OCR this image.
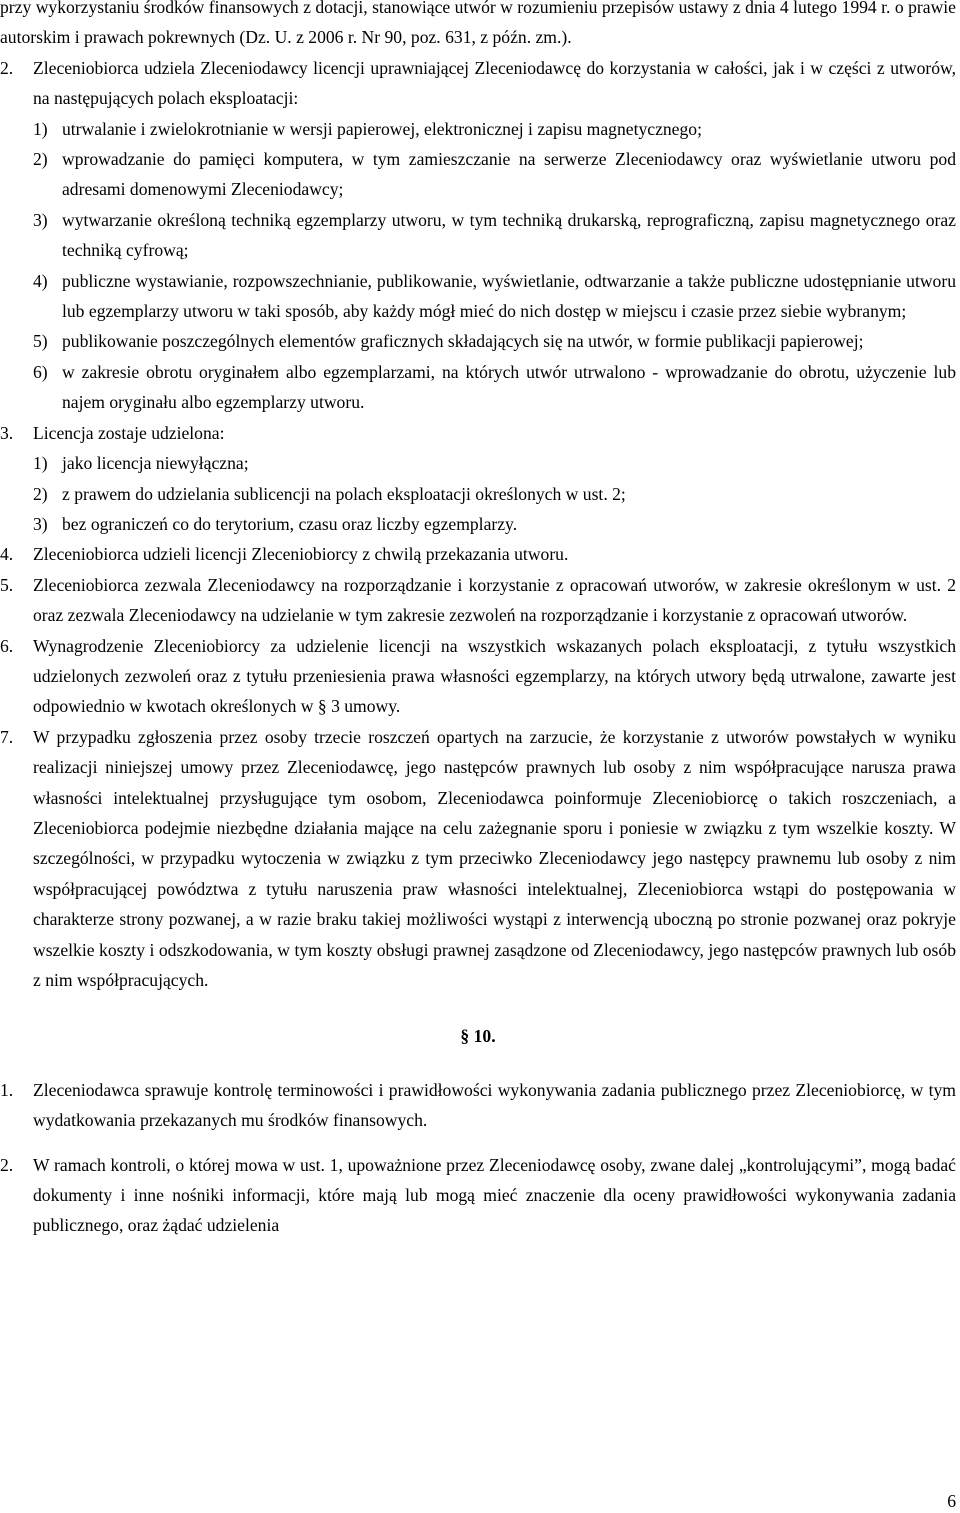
przy wykorzystaniu środków finansowych z dotacji, stanowiące utwór w rozumieniu przepisów ustawy z dnia 4 lutego 1994 r. o prawie autorskim i prawach pokrewnych (Dz. U. z 2006 r. Nr 90, poz. 631, z późn. zm.).

2.	Zleceniobiorca udziela Zleceniodawcy licencji uprawniającej Zleceniodawcę do korzystania w całości, jak i w części z utworów, na następujących polach eksploatacji:
1) utrwalanie i zwielokrotnianie w wersji papierowej, elektronicznej i zapisu magnetycznego;
2) wprowadzanie do pamięci komputera, w tym zamieszczanie na serwerze Zleceniodawcy oraz wyświetlanie utworu pod adresami domenowymi Zleceniodawcy;
3) wytwarzanie określoną techniką egzemplarzy utworu, w tym techniką drukarską, reprograficzną, zapisu magnetycznego oraz techniką cyfrową;
4) publiczne wystawianie, rozpowszechnianie, publikowanie, wyświetlanie, odtwarzanie a także publiczne udostępnianie utworu lub egzemplarzy utworu w taki sposób, aby każdy mógł mieć do nich dostęp w miejscu i czasie przez siebie wybranym;
5) publikowanie poszczególnych elementów graficznych składających się na utwór, w formie publikacji papierowej;
6) w zakresie obrotu oryginałem albo egzemplarzami, na których utwór utrwalono - wprowadzanie do obrotu, użyczenie lub najem oryginału albo egzemplarzy utworu.
3.	Licencja zostaje udzielona:
1) jako licencja niewyłączna;
2) z prawem do udzielania sublicencji na polach eksploatacji określonych w ust. 2;
3) bez ograniczeń co do terytorium, czasu oraz liczby egzemplarzy.
4.	Zleceniobiorca udzieli licencji Zleceniobiorcy z chwilą przekazania utworu.
5.	Zleceniobiorca zezwala Zleceniodawcy na rozporządzanie i korzystanie z opracowań utworów, w zakresie określonym w ust. 2 oraz zezwala Zleceniodawcy na udzielanie w tym zakresie zezwoleń na rozporządzanie i korzystanie z opracowań utworów.
6.	Wynagrodzenie Zleceniobiorcy za udzielenie licencji na wszystkich wskazanych polach eksploatacji, z tytułu wszystkich udzielonych zezwoleń oraz z tytułu przeniesienia prawa własności egzemplarzy, na których utwory będą utrwalone, zawarte jest odpowiednio w kwotach określonych w § 3 umowy.
7.	W przypadku zgłoszenia przez osoby trzecie roszczeń opartych na zarzucie, że korzystanie z utworów powstałych w wyniku realizacji niniejszej umowy przez Zleceniodawcę, jego następców prawnych lub osoby z nim współpracujące narusza prawa własności intelektualnej przysługujące tym osobom, Zleceniodawca poinformuje Zleceniobiorcę o takich roszczeniach, a Zleceniobiorca podejmie niezbędne działania mające na celu zażegnanie sporu i poniesie w związku z tym wszelkie koszty. W szczególności, w przypadku wytoczenia w związku z tym przeciwko Zleceniodawcy jego następcy prawnemu lub osoby z nim współpracującej powództwa z tytułu naruszenia praw własności intelektualnej, Zleceniobiorca wstąpi do postępowania w charakterze strony pozwanej, a w razie braku takiej możliwości wystąpi z interwencją uboczną po stronie pozwanej oraz pokryje wszelkie koszty i odszkodowania, w tym koszty obsługi prawnej zasądzone od Zleceniodawcy, jego następców prawnych lub osób z nim współpracujących.
§ 10.
1.	Zleceniodawca sprawuje kontrolę terminowości i prawidłowości wykonywania zadania publicznego przez Zleceniobiorcę, w tym wydatkowania przekazanych mu środków finansowych.
2.	W ramach kontroli, o której mowa w ust. 1, upoważnione przez Zleceniodawcę osoby, zwane dalej „kontrolującymi”, mogą badać dokumenty i inne nośniki informacji, które mają lub mogą mieć znaczenie dla oceny prawidłowości wykonywania zadania publicznego, oraz żądać udzielenia
6
